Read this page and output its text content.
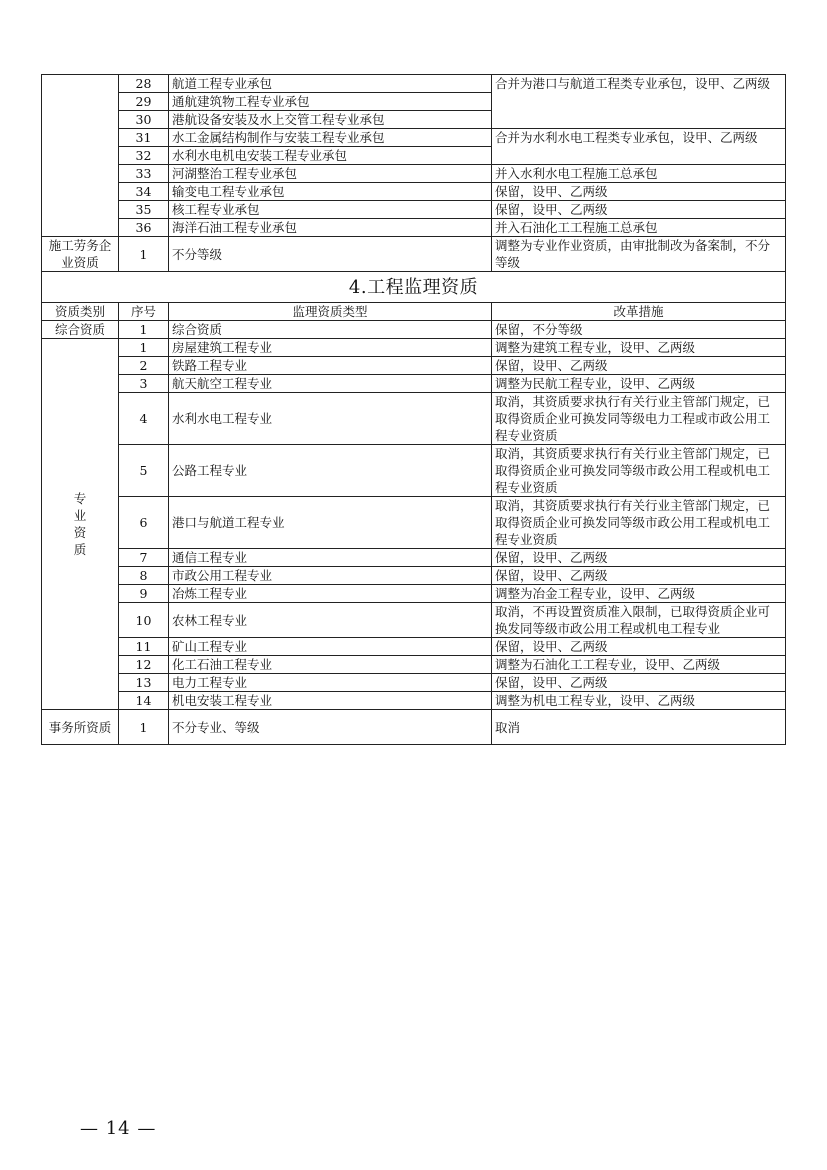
	28	航道工程专业承包	合并为港口与航道工程类专业承包，设甲、乙两级
	29	通航建筑物工程专业承包	
	30	港航设备安装及水上交管工程专业承包	
	31	水工金属结构制作与安装工程专业承包	合并为水利水电工程类专业承包，设甲、乙两级
	32	水利水电机电安装工程专业承包	
	33	河湖整治工程专业承包	并入水利水电工程施工总承包
	34	输变电工程专业承包	保留，设甲、乙两级
	35	核工程专业承包	保留，设甲、乙两级
	36	海洋石油工程专业承包	并入石油化工工程施工总承包
施工劳务企业资质	1	不分等级	调整为专业作业资质，由审批制改为备案制，不分等级
4.工程监理资质			
资质类别	序号	监理资质类型	改革措施
综合资质	1	综合资质	保留，不分等级

专业资质	1	房屋建筑工程专业	调整为建筑工程专业，设甲、乙两级
	2	铁路工程专业	保留，设甲、乙两级
	3	航天航空工程专业	调整为民航工程专业，设甲、乙两级
	4	水利水电工程专业	取消，其资质要求执行有关行业主管部门规定，已取得资质企业可换发同等级电力工程或市政公用工程专业资质
	5	公路工程专业	取消，其资质要求执行有关行业主管部门规定，已取得资质企业可换发同等级市政公用工程或机电工程专业资质
	6	港口与航道工程专业	取消，其资质要求执行有关行业主管部门规定，已取得资质企业可换发同等级市政公用工程或机电工程专业资质
	7	通信工程专业	保留，设甲、乙两级
	8	市政公用工程专业	保留，设甲、乙两级
	9	冶炼工程专业	调整为冶金工程专业，设甲、乙两级
	10	农林工程专业	取消，不再设置资质准入限制，已取得资质企业可换发同等级市政公用工程或机电工程专业
	11	矿山工程专业	保留，设甲、乙两级
	12	化工石油工程专业	调整为石油化工工程专业，设甲、乙两级
	13	电力工程专业	保留，设甲、乙两级
	14	机电安装工程专业	调整为机电工程专业，设甲、乙两级
事务所资质	1	不分专业、等级	取消
— 14 —
